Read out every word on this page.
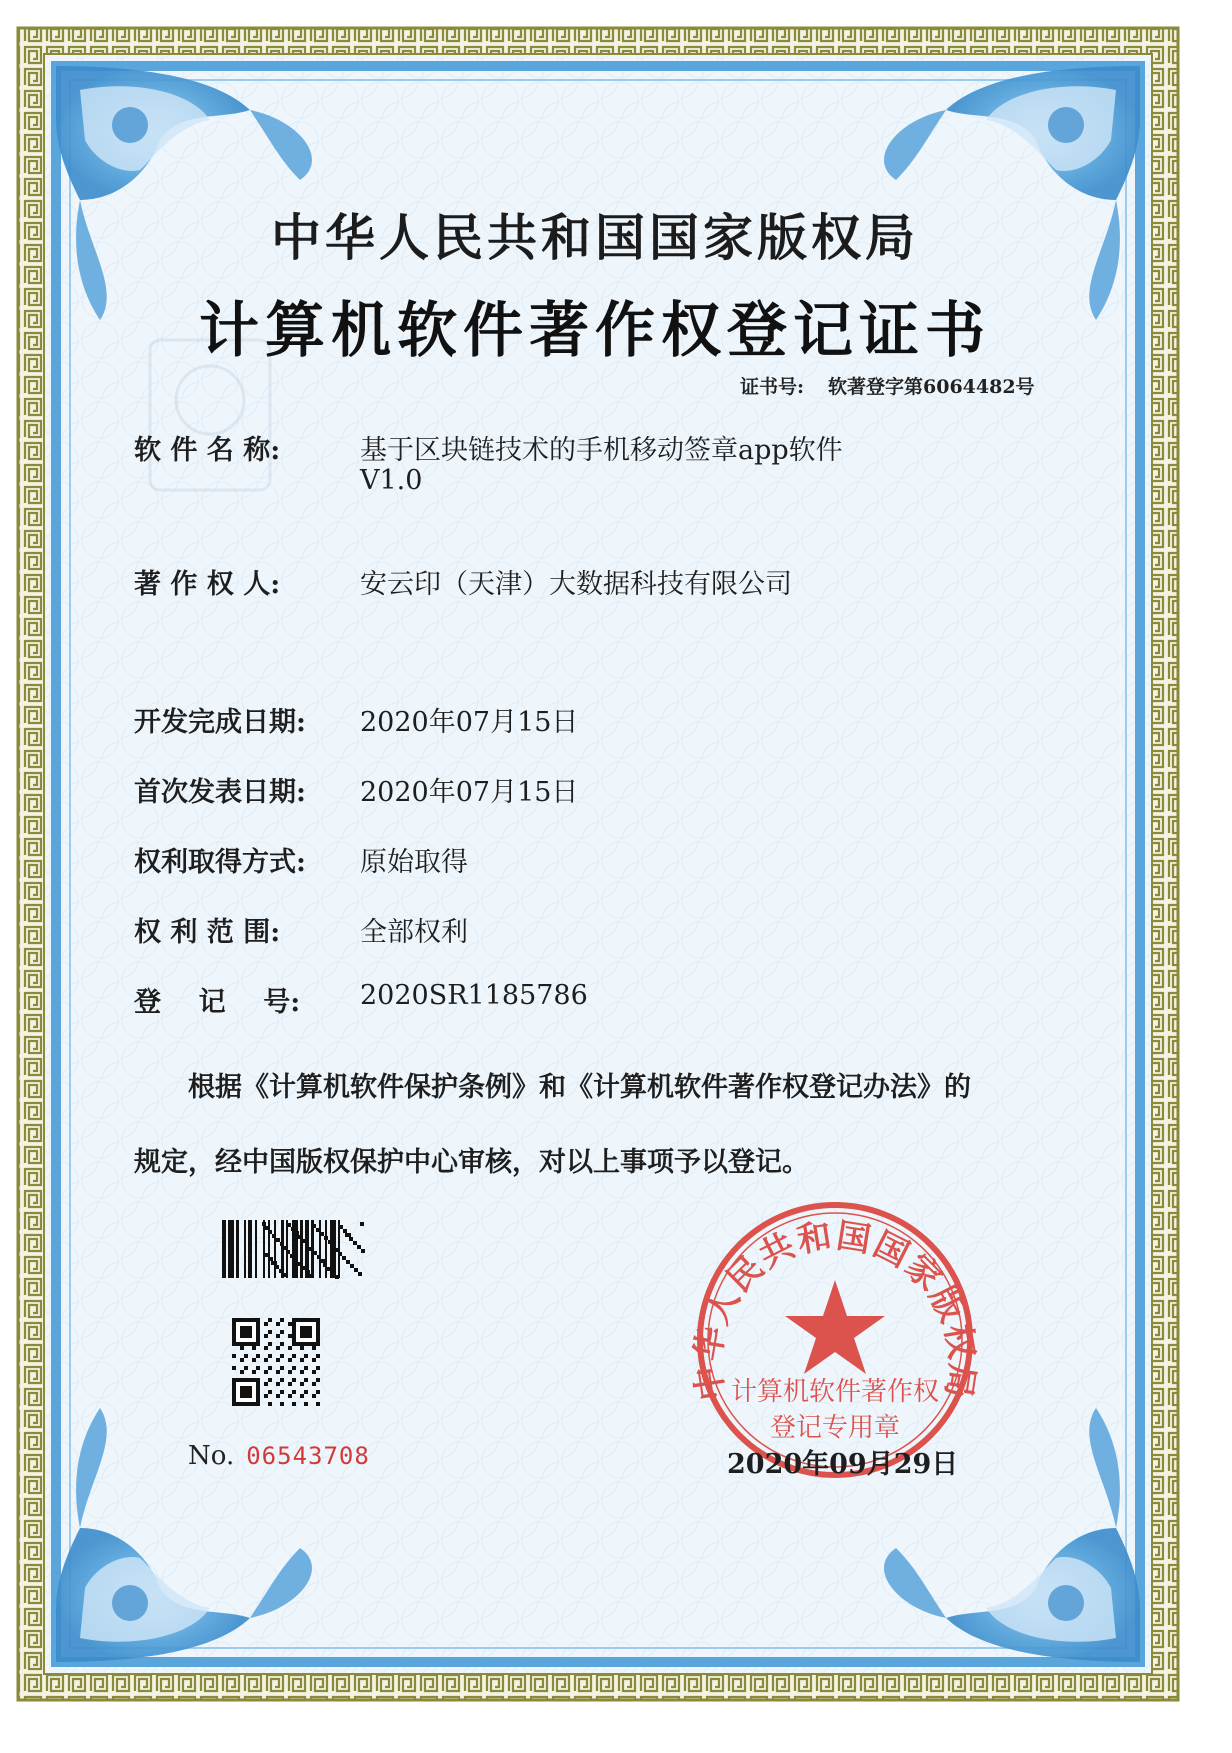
中华人民共和国国家版权局
计算机软件著作权
登记专用章
中华人民共和国国家版权局
计算机软件著作权登记证书
证书号: 软著登字第6064482号
软 件 名 称:	基于区块链技术的手机移动签章app软件
V1.0
著 作 权 人:	安云印（天津）大数据科技有限公司
开发完成日期: 2020年07月15日
首次发表日期: 2020年07月15日
权利取得方式: 原始取得
权 利 范 围:	全部权利
登    记    号: 2020SR1185786
根据《计算机软件保护条例》和《计算机软件著作权登记办法》的
规定，经中国版权保护中心审核，对以上事项予以登记。
No. 06543708	2020年09月29日
